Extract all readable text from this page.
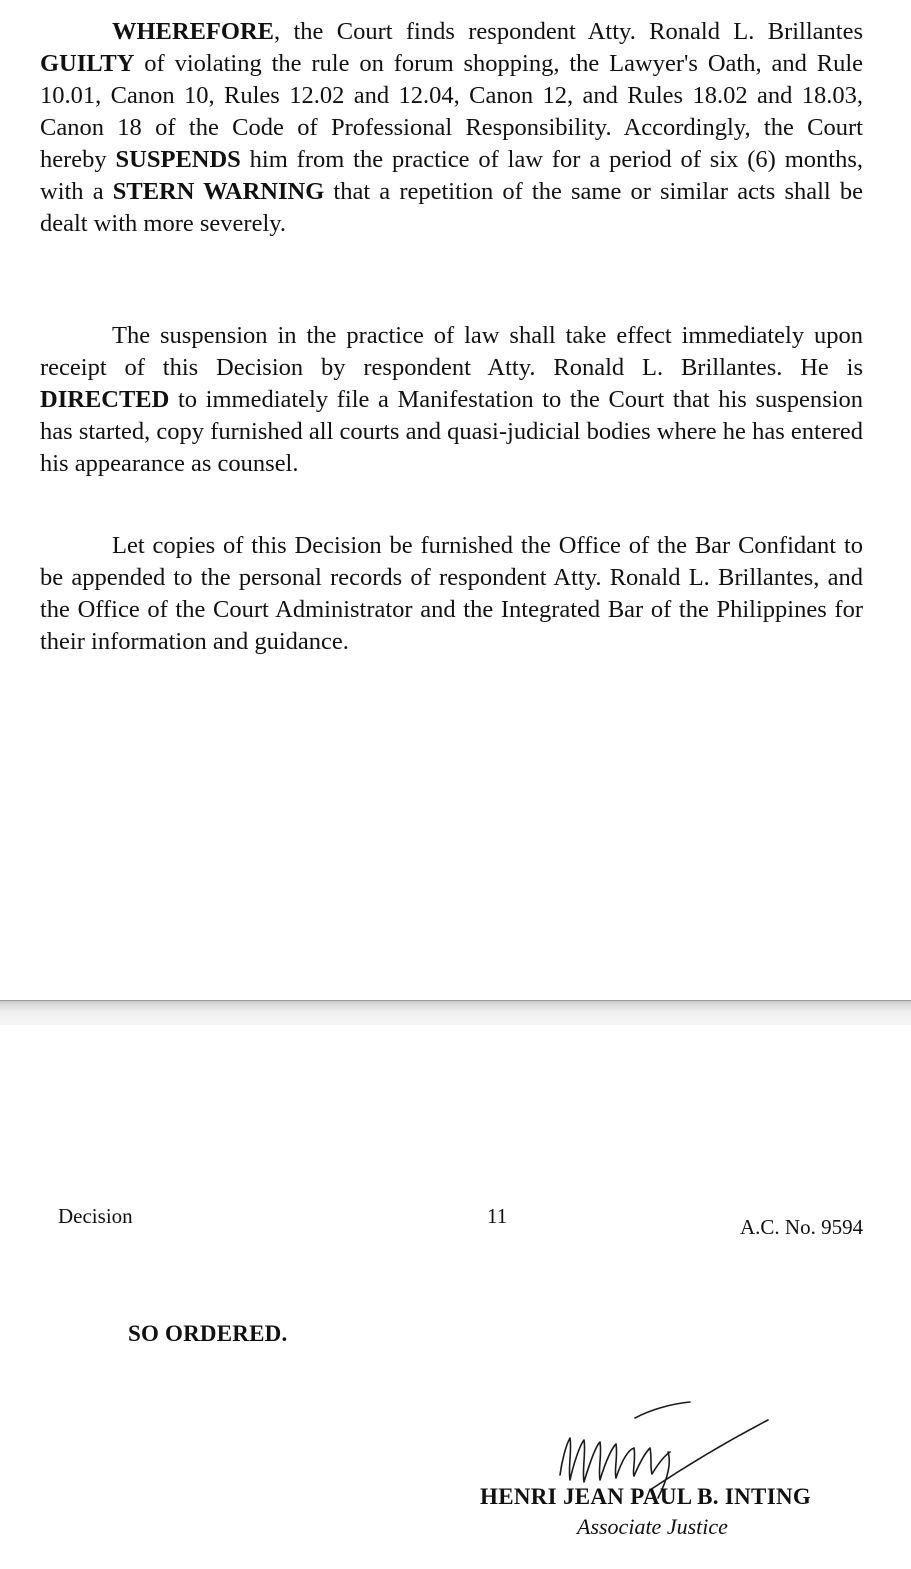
WHEREFORE, the Court finds respondent Atty. Ronald L. Brillantes GUILTY of violating the rule on forum shopping, the Lawyer's Oath, and Rule 10.01, Canon 10, Rules 12.02 and 12.04, Canon 12, and Rules 18.02 and 18.03, Canon 18 of the Code of Professional Responsibility. Accordingly, the Court hereby SUSPENDS him from the practice of law for a period of six (6) months, with a STERN WARNING that a repetition of the same or similar acts shall be dealt with more severely.

The suspension in the practice of law shall take effect immediately upon receipt of this Decision by respondent Atty. Ronald L. Brillantes. He is DIRECTED to immediately file a Manifestation to the Court that his suspension has started, copy furnished all courts and quasi-judicial bodies where he has entered his appearance as counsel.

Let copies of this Decision be furnished the Office of the Bar Confidant to be appended to the personal records of respondent Atty. Ronald L. Brillantes, and the Office of the Court Administrator and the Integrated Bar of the Philippines for their information and guidance.

Decision	11	A.C. No. 9594
SO ORDERED.
HENRI JEAN PAUL B. INTING
Associate Justice
